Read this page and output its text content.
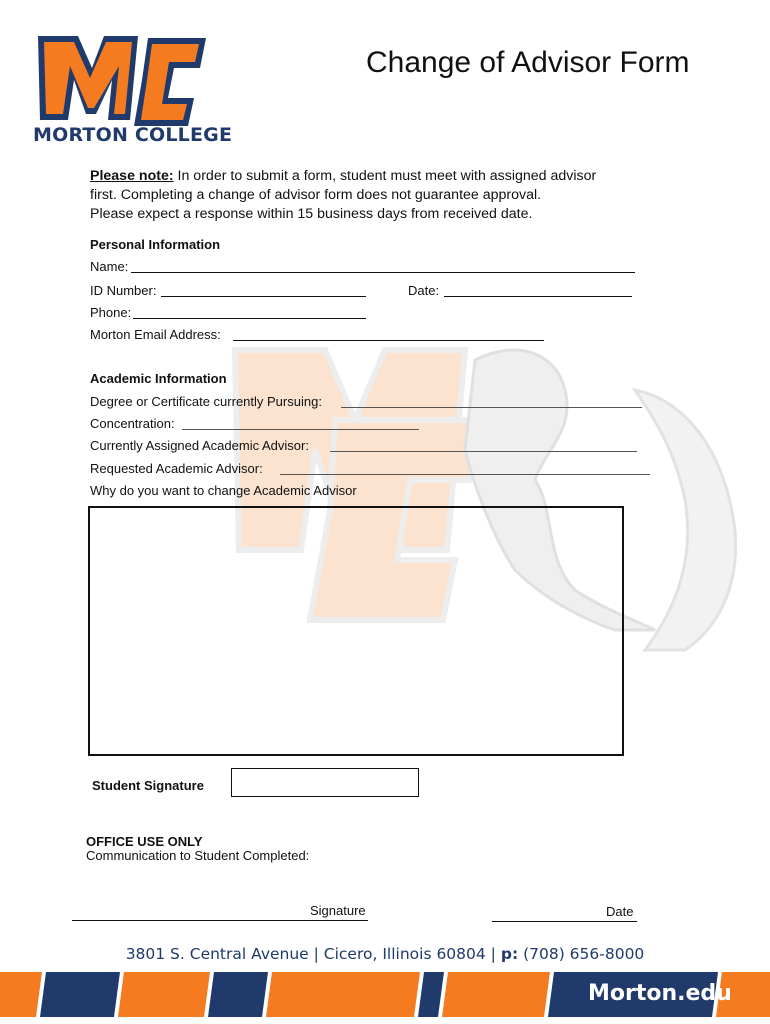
MORTON COLLEGE
Change of Advisor Form
Please note: In order to submit a form, student must meet with assigned advisor
first. Completing a change of advisor form does not guarantee approval.
Please expect a response within 15 business days from received date.
Personal Information
Name:
ID Number:	Date:
Phone:
Morton Email Address:
Academic Information
Degree or Certificate currently Pursuing:
Concentration:
Currently Assigned Academic Advisor:
Requested Academic Advisor:
Why do you want to change Academic Advisor
Student Signature
OFFICE USE ONLY
Communication to Student Completed:
Signature	Date
3801 S. Central Avenue | Cicero, Illinois 60804 | p: (708) 656-8000
Morton.edu
